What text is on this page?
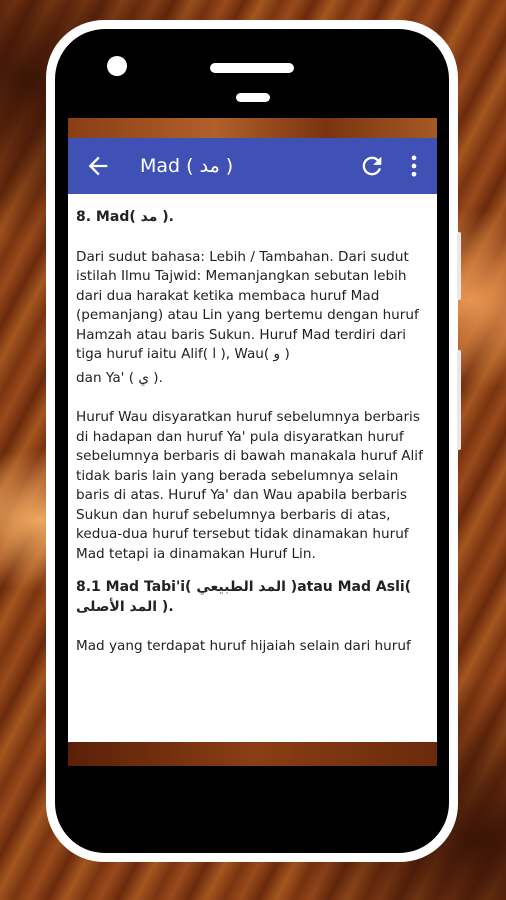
Mad ( مد )

8. Mad( مد ).

Dari sudut bahasa: Lebih / Tambahan. Dari sudut istilah Ilmu Tajwid: Memanjangkan sebutan lebih dari dua harakat ketika membaca huruf Mad (pemanjang) atau Lin yang bertemu dengan huruf Hamzah atau baris Sukun. Huruf Mad terdiri dari tiga huruf iaitu Alif( ا ), Wau( و )

dan Ya' ( ي ).

Huruf Wau disyaratkan huruf sebelumnya berbaris di hadapan dan huruf Ya' pula disyaratkan huruf sebelumnya berbaris di bawah manakala huruf Alif tidak baris lain yang berada sebelumnya selain baris di atas. Huruf Ya' dan Wau apabila berbaris Sukun dan huruf sebelumnya berbaris di atas, kedua-dua huruf tersebut tidak dinamakan huruf Mad tetapi ia dinamakan Huruf Lin.

8.1 Mad Tabi'i( المد الطبيعي )atau Mad Asli( المد الأصلى ).

Mad yang terdapat huruf hijaiah selain dari huruf
